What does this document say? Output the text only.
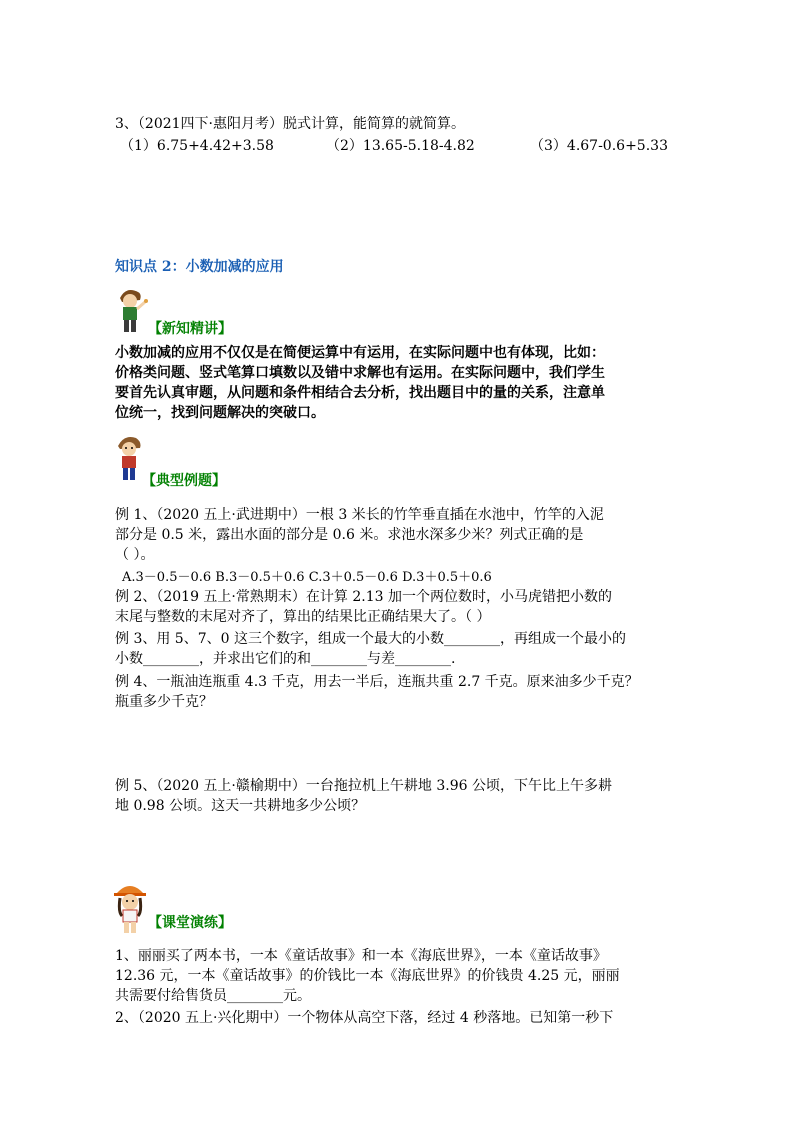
3、（2021四下·惠阳月考）脱式计算，能简算的就简算。
（1）6.75+4.42+3.58	（2）13.65-5.18-4.82	（3）4.67-0.6+5.33
知识点 2：小数加减的应用
【新知精讲】
小数加减的应用不仅仅是在简便运算中有运用，在实际问题中也有体现，比如：
价格类问题、竖式笔算口填数以及错中求解也有运用。在实际问题中，我们学生
要首先认真审题，从问题和条件相结合去分析，找出题目中的量的关系，注意单
位统一，找到问题解决的突破口。
【典型例题】
例 1、（2020 五上·武进期中）一根 3 米长的竹竿垂直插在水池中，竹竿的入泥
部分是 0.5 米，露出水面的部分是 0.6 米。求池水深多少米？列式正确的是
（ ）。
A.3－0.5－0.6 B.3－0.5＋0.6 C.3＋0.5－0.6 D.3＋0.5＋0.6
例 2、（2019 五上·常熟期末）在计算 2.13 加一个两位数时，小马虎错把小数的
末尾与整数的末尾对齐了，算出的结果比正确结果大了。（ ）
例 3、用 5、7、0 这三个数字，组成一个最大的小数________，再组成一个最小的
小数________，并求出它们的和________与差________.
例 4、一瓶油连瓶重 4.3 千克，用去一半后，连瓶共重 2.7 千克。原来油多少千克？
瓶重多少千克？
例 5、（2020 五上·赣榆期中）一台拖拉机上午耕地 3.96 公顷，下午比上午多耕
地 0.98 公顷。这天一共耕地多少公顷？
【课堂演练】
1、丽丽买了两本书，一本《童话故事》和一本《海底世界》，一本《童话故事》
12.36 元，一本《童话故事》的价钱比一本《海底世界》的价钱贵 4.25 元，丽丽
共需要付给售货员________元。
2、（2020 五上·兴化期中）一个物体从高空下落，经过 4 秒落地。已知第一秒下
